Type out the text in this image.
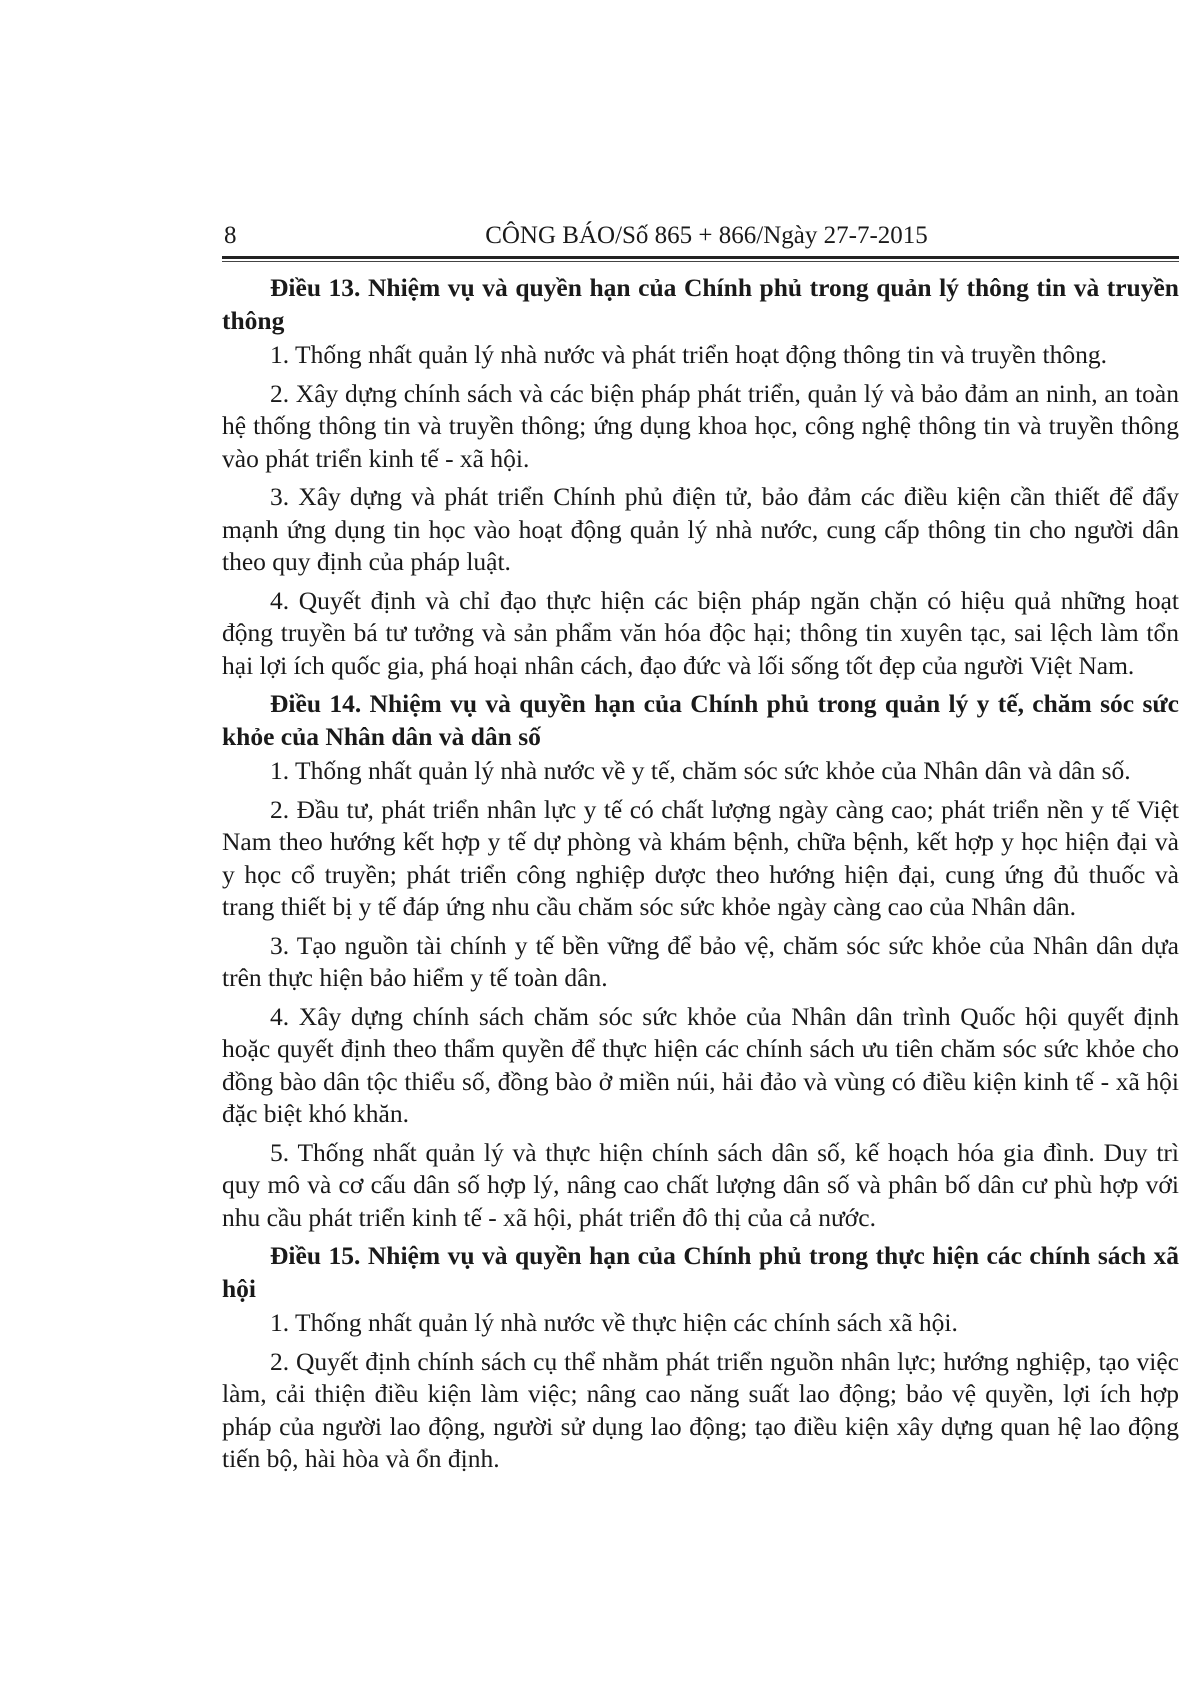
8	CÔNG BÁO/Số 865 + 866/Ngày 27-7-2015
Điều 13. Nhiệm vụ và quyền hạn của Chính phủ trong quản lý thông tin và truyền thông

1. Thống nhất quản lý nhà nước và phát triển hoạt động thông tin và truyền thông.

2. Xây dựng chính sách và các biện pháp phát triển, quản lý và bảo đảm an ninh, an toàn hệ thống thông tin và truyền thông; ứng dụng khoa học, công nghệ thông tin và truyền thông vào phát triển kinh tế - xã hội.

3. Xây dựng và phát triển Chính phủ điện tử, bảo đảm các điều kiện cần thiết để đẩy mạnh ứng dụng tin học vào hoạt động quản lý nhà nước, cung cấp thông tin cho người dân theo quy định của pháp luật.

4. Quyết định và chỉ đạo thực hiện các biện pháp ngăn chặn có hiệu quả những hoạt động truyền bá tư tưởng và sản phẩm văn hóa độc hại; thông tin xuyên tạc, sai lệch làm tổn hại lợi ích quốc gia, phá hoại nhân cách, đạo đức và lối sống tốt đẹp của người Việt Nam.

Điều 14. Nhiệm vụ và quyền hạn của Chính phủ trong quản lý y tế, chăm sóc sức khỏe của Nhân dân và dân số

1. Thống nhất quản lý nhà nước về y tế, chăm sóc sức khỏe của Nhân dân và dân số.

2. Đầu tư, phát triển nhân lực y tế có chất lượng ngày càng cao; phát triển nền y tế Việt Nam theo hướng kết hợp y tế dự phòng và khám bệnh, chữa bệnh, kết hợp y học hiện đại và y học cổ truyền; phát triển công nghiệp dược theo hướng hiện đại, cung ứng đủ thuốc và trang thiết bị y tế đáp ứng nhu cầu chăm sóc sức khỏe ngày càng cao của Nhân dân.

3. Tạo nguồn tài chính y tế bền vững để bảo vệ, chăm sóc sức khỏe của Nhân dân dựa trên thực hiện bảo hiểm y tế toàn dân.

4. Xây dựng chính sách chăm sóc sức khỏe của Nhân dân trình Quốc hội quyết định hoặc quyết định theo thẩm quyền để thực hiện các chính sách ưu tiên chăm sóc sức khỏe cho đồng bào dân tộc thiểu số, đồng bào ở miền núi, hải đảo và vùng có điều kiện kinh tế - xã hội đặc biệt khó khăn.

5. Thống nhất quản lý và thực hiện chính sách dân số, kế hoạch hóa gia đình. Duy trì quy mô và cơ cấu dân số hợp lý, nâng cao chất lượng dân số và phân bố dân cư phù hợp với nhu cầu phát triển kinh tế - xã hội, phát triển đô thị của cả nước.

Điều 15. Nhiệm vụ và quyền hạn của Chính phủ trong thực hiện các chính sách xã hội

1. Thống nhất quản lý nhà nước về thực hiện các chính sách xã hội.

2. Quyết định chính sách cụ thể nhằm phát triển nguồn nhân lực; hướng nghiệp, tạo việc làm, cải thiện điều kiện làm việc; nâng cao năng suất lao động; bảo vệ quyền, lợi ích hợp pháp của người lao động, người sử dụng lao động; tạo điều kiện xây dựng quan hệ lao động tiến bộ, hài hòa và ổn định.
